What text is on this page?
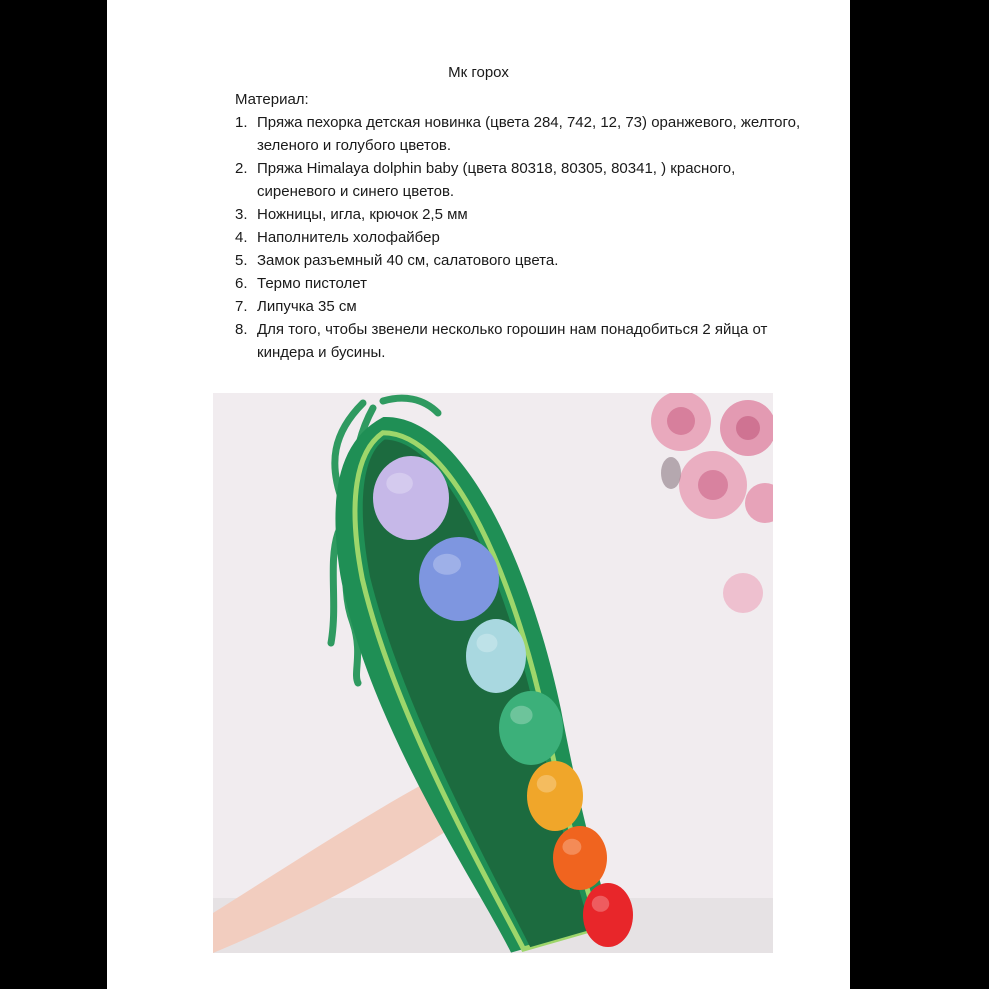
Мк горох

Материал:

1. Пряжа пехорка детская новинка (цвета 284, 742, 12, 73) оранжевого, желтого, зеленого и голубого цветов.
2. Пряжа Himalaya dolphin baby (цвета 80318, 80305, 80341, ) красного, сиреневого и синего цветов.
3. Ножницы, игла, крючок 2,5 мм
4. Наполнитель холофайбер
5. Замок разъемный 40 см, салатового цвета.
6. Термо пистолет
7. Липучка 35 см
8. Для того, чтобы звенели несколько горошин нам понадобиться 2 яйца от киндера и бусины.
